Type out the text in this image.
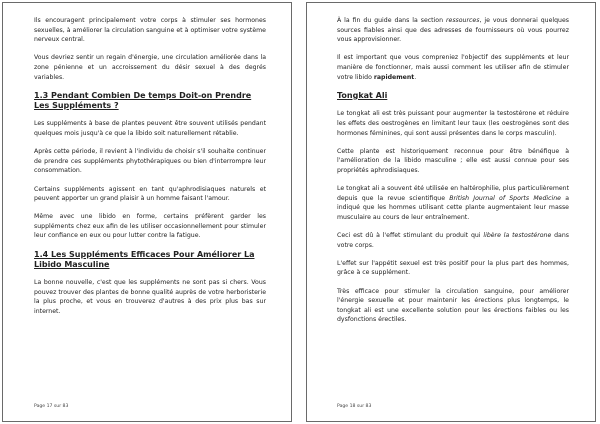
Ils encouragent principalement votre corps à stimuler ses hormones sexuelles, à améliorer la circulation sanguine et à optimiser votre système nerveux central.

Vous devriez sentir un regain d'énergie, une circulation améliorée dans la zone pénienne et un accroissement du désir sexuel à des degrés variables.

1.3 Pendant Combien De temps Doit-on Prendre Les Suppléments ?

Les suppléments à base de plantes peuvent être souvent utilisés pendant quelques mois jusqu'à ce que la libido soit naturellement rétablie.

Après cette période, il revient à l'individu de choisir s'il souhaite continuer de prendre ces suppléments phytothérapiques ou bien d'interrompre leur consommation.

Certains suppléments agissent en tant qu'aphrodisiaques naturels et peuvent apporter un grand plaisir à un homme faisant l'amour.

Même avec une libido en forme, certains préfèrent garder les suppléments chez eux afin de les utiliser occasionnellement pour stimuler leur confiance en eux ou pour lutter contre la fatigue.

1.4 Les Suppléments Efficaces Pour Améliorer La Libido Masculine

La bonne nouvelle, c'est que les suppléments ne sont pas si chers. Vous pouvez trouver des plantes de bonne qualité auprès de votre herboristerie la plus proche, et vous en trouverez d'autres à des prix plus bas sur internet.

Page 17 sur 83

À la fin du guide dans la section ressources, je vous donnerai quelques sources fiables ainsi que des adresses de fournisseurs où vous pourrez vous approvisionner.

Il est important que vous compreniez l'objectif des suppléments et leur manière de fonctionner, mais aussi comment les utiliser afin de stimuler votre libido rapidement.

Tongkat Ali

Le tongkat ali est très puissant pour augmenter la testostérone et réduire les effets des oestrogènes en limitant leur taux (les oestrogènes sont des hormones féminines, qui sont aussi présentes dans le corps masculin).

Cette plante est historiquement reconnue pour être bénéfique à l'amélioration de la libido masculine ; elle est aussi connue pour ses propriétés aphrodisiaques.

Le tongkat ali a souvent été utilisée en haltérophilie, plus particulièrement depuis que la revue scientifique British Journal of Sports Medicine a indiqué que les hommes utilisant cette plante augmentaient leur masse musculaire au cours de leur entraînement.

Ceci est dû à l'effet stimulant du produit qui libère la testostérone dans votre corps.

L'effet sur l'appétit sexuel est très positif pour la plus part des hommes, grâce à ce supplément.

Très efficace pour stimuler la circulation sanguine, pour améliorer l'énergie sexuelle et pour maintenir les érections plus longtemps, le tongkat ali est une excellente solution pour les érections faibles ou les dysfonctions érectiles.

Page 18 sur 83
